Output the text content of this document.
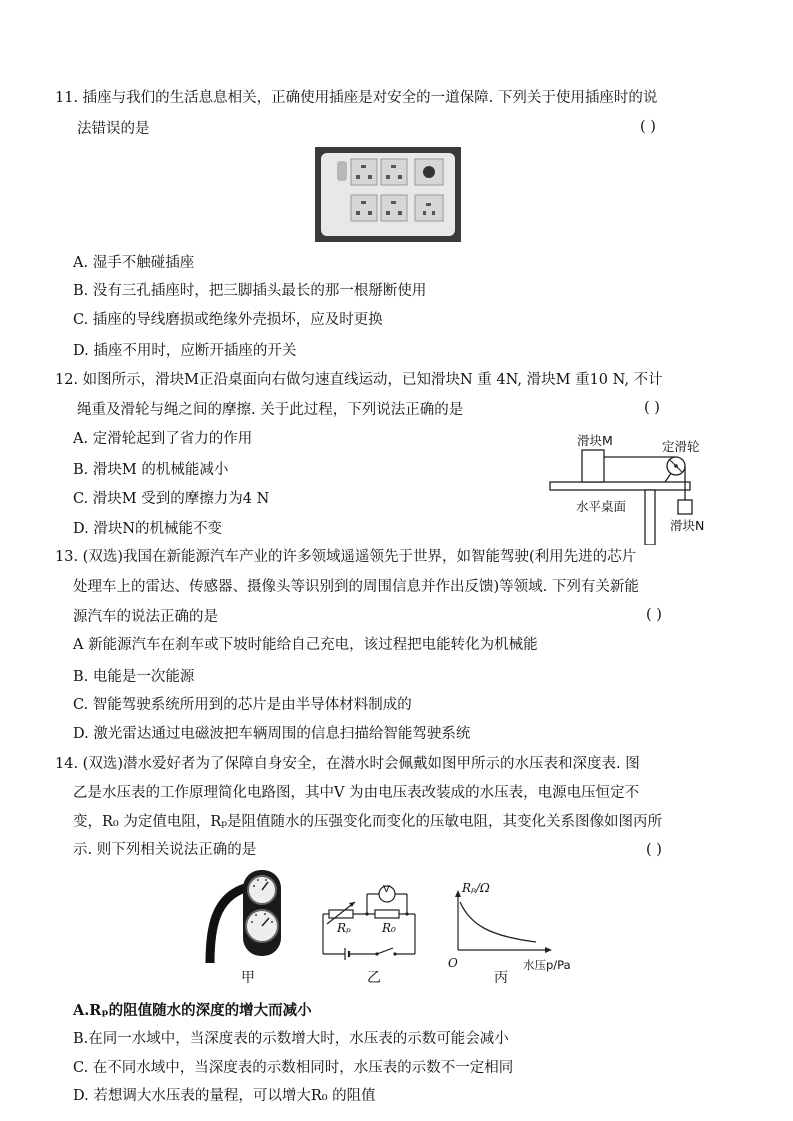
11. 插座与我们的生活息息相关，正确使用插座是对安全的一道保障. 下列关于使用插座时的说
法错误的是	( )
A. 湿手不触碰插座
B. 没有三孔插座时，把三脚插头最长的那一根掰断使用
C. 插座的导线磨损或绝缘外壳损坏，应及时更换
D. 插座不用时，应断开插座的开关
12. 如图所示，滑块M正沿桌面向右做匀速直线运动，已知滑块N 重 4N, 滑块M 重10 N, 不计
绳重及滑轮与绳之间的摩擦. 关于此过程，下列说法正确的是	( )
A. 定滑轮起到了省力的作用
B. 滑块M 的机械能减小
C. 滑块M 受到的摩擦力为4 N
D. 滑块N的机械能不变
滑块M	定滑轮
水平桌面
滑块N
13. (双选)我国在新能源汽车产业的许多领域遥遥领先于世界，如智能驾驶(利用先进的芯片
处理车上的雷达、传感器、摄像头等识别到的周围信息并作出反馈)等领域. 下列有关新能
源汽车的说法正确的是	( )
A 新能源汽车在刹车或下坡时能给自己充电，该过程把电能转化为机械能
B. 电能是一次能源
C. 智能驾驶系统所用到的芯片是由半导体材料制成的
D. 激光雷达通过电磁波把车辆周围的信息扫描给智能驾驶系统
14. (双选)潜水爱好者为了保障自身安全，在潜水时会佩戴如图甲所示的水压表和深度表. 图
乙是水压表的工作原理简化电路图，其中V 为由电压表改装成的水压表，电源电压恒定不
变，R₀ 为定值电阻，Rₚ是阻值随水的压强变化而变化的压敏电阻，其变化关系图像如图丙所
示. 则下列相关说法正确的是	( )
甲
V
Rₚ	R₀
乙
Rₚ/Ω
O	水压p/Pa
丙
A.Rₚ的阻值随水的深度的增大而减小
B.在同一水域中，当深度表的示数增大时，水压表的示数可能会减小
C. 在不同水域中，当深度表的示数相同时，水压表的示数不一定相同
D. 若想调大水压表的量程，可以增大R₀ 的阻值
